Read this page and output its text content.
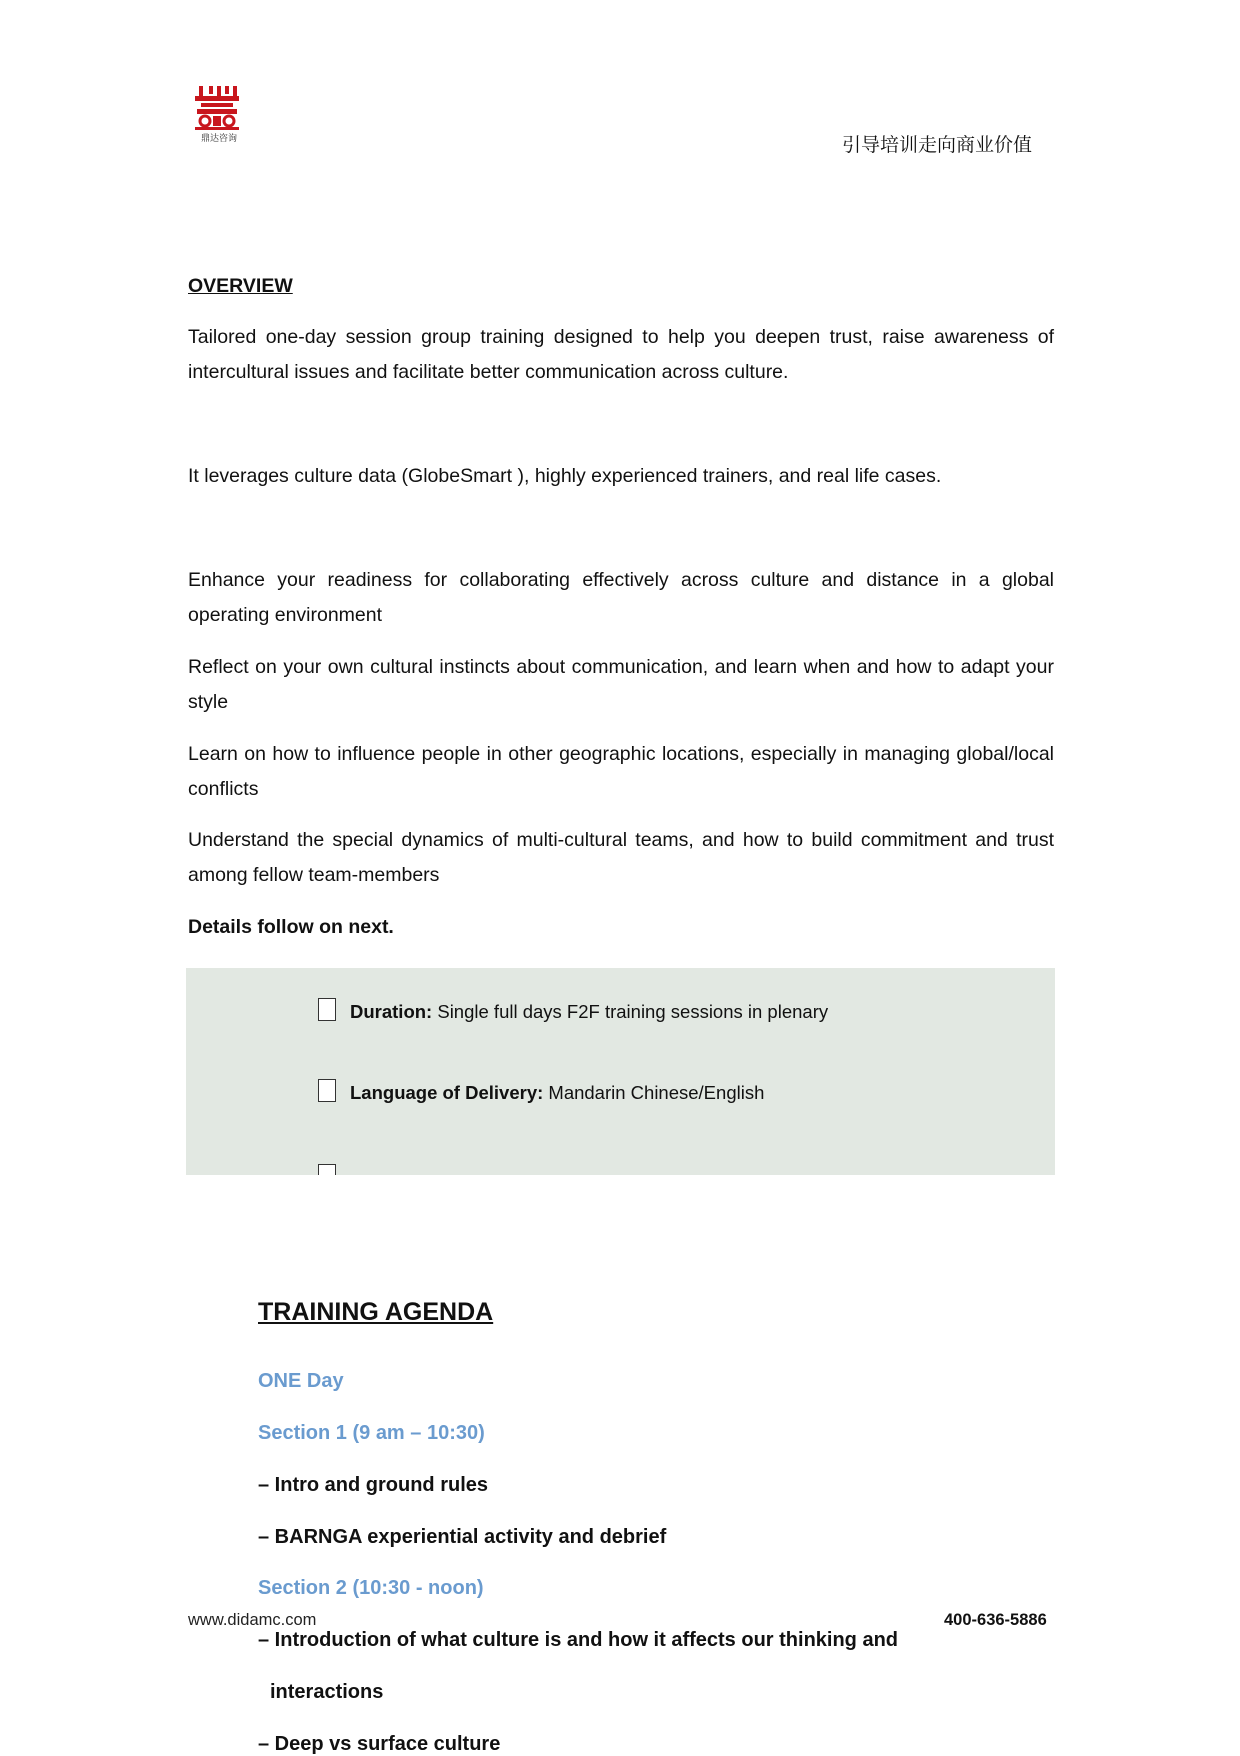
鼎达咨询	引导培训走向商业价值
OVERVIEW

Tailored one-day session group training designed to help you deepen trust, raise awareness of intercultural issues and facilitate better communication across culture.

It leverages culture data (GlobeSmart ), highly experienced trainers, and real life cases.

Enhance your readiness for collaborating effectively across culture and distance in a global operating environment

Reflect on your own cultural instincts about communication, and learn when and how to adapt your style

Learn on how to influence people in other geographic locations, especially in managing global/local conflicts

Understand the special dynamics of multi-cultural teams, and how to build commitment and trust among fellow team-members

Details follow on next.
Duration: Single full days F2F training sessions in plenary
Language of Delivery: Mandarin Chinese/English
TRAINING AGENDA
ONE Day
Section 1 (9 am – 10:30)
– Intro and ground rules
– BARNGA experiential activity and debrief
Section 2 (10:30 - noon)
– Introduction of what culture is and how it affects our thinking and
interactions
– Deep vs surface culture
www.didamc.com	400-636-5886
